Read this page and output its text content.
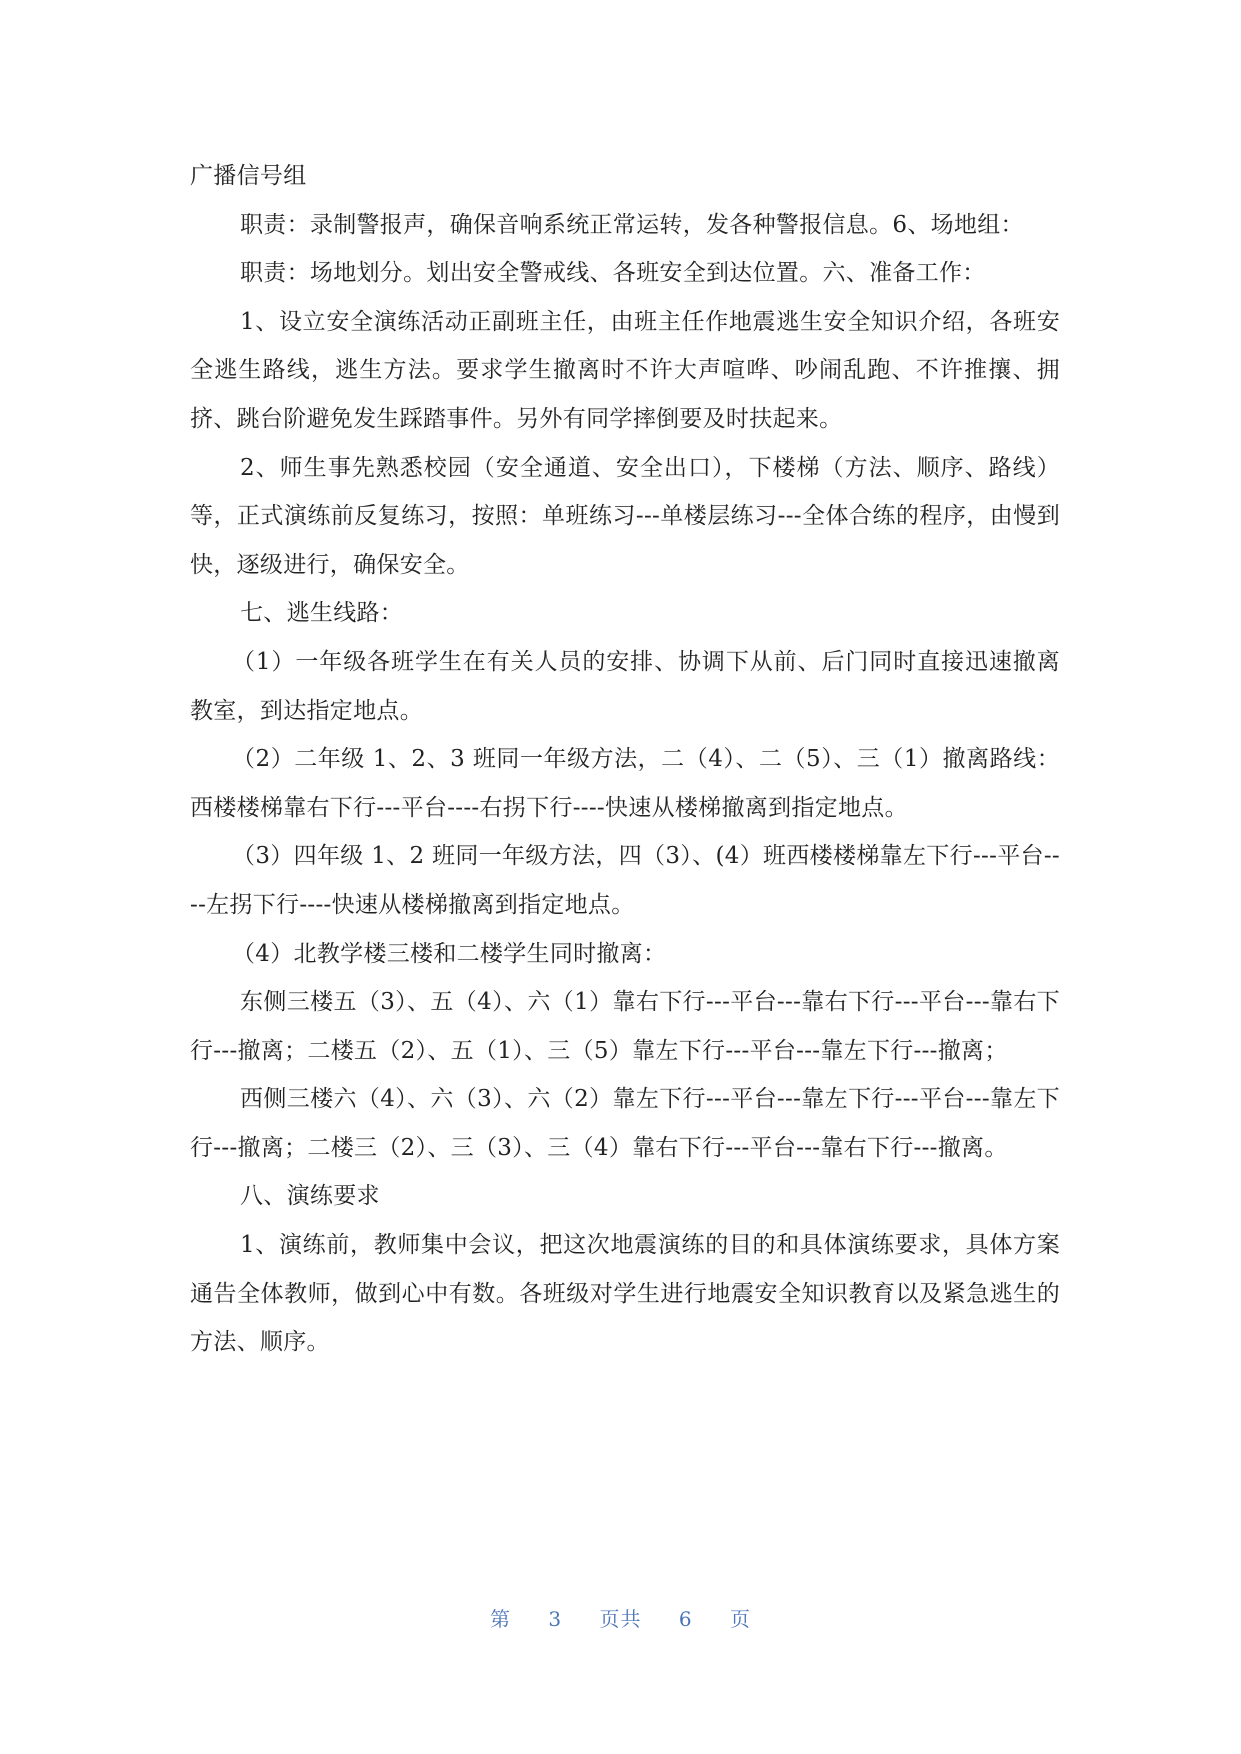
广播信号组

职责：录制警报声，确保音响系统正常运转，发各种警报信息。6、场地组：

职责：场地划分。划出安全警戒线、各班安全到达位置。六、准备工作：

1、设立安全演练活动正副班主任，由班主任作地震逃生安全知识介绍，各班安全逃生路线，逃生方法。要求学生撤离时不许大声喧哗、吵闹乱跑、不许推攘、拥挤、跳台阶避免发生踩踏事件。另外有同学摔倒要及时扶起来。

2、师生事先熟悉校园（安全通道、安全出口），下楼梯（方法、顺序、路线）等，正式演练前反复练习，按照：单班练习---单楼层练习---全体合练的程序，由慢到快，逐级进行，确保安全。

七、逃生线路：

（1）一年级各班学生在有关人员的安排、协调下从前、后门同时直接迅速撤离教室，到达指定地点。

（2）二年级 1、2、3 班同一年级方法，二（4）、二（5）、三（1）撤离路线：西楼楼梯靠右下行---平台----右拐下行----快速从楼梯撤离到指定地点。

（3）四年级 1、2 班同一年级方法，四（3）、(4）班西楼楼梯靠左下行---平台----左拐下行----快速从楼梯撤离到指定地点。

（4）北教学楼三楼和二楼学生同时撤离：

东侧三楼五（3）、五（4）、六（1）靠右下行---平台---靠右下行---平台---靠右下行---撤离；二楼五（2）、五（1）、三（5）靠左下行---平台---靠左下行---撤离；

西侧三楼六（4）、六（3）、六（2）靠左下行---平台---靠左下行---平台---靠左下行---撤离；二楼三（2）、三（3）、三（4）靠右下行---平台---靠右下行---撤离。

八、演练要求

1、演练前，教师集中会议，把这次地震演练的目的和具体演练要求，具体方案通告全体教师，做到心中有数。各班级对学生进行地震安全知识教育以及紧急逃生的方法、顺序。

第 3 页共 6 页
